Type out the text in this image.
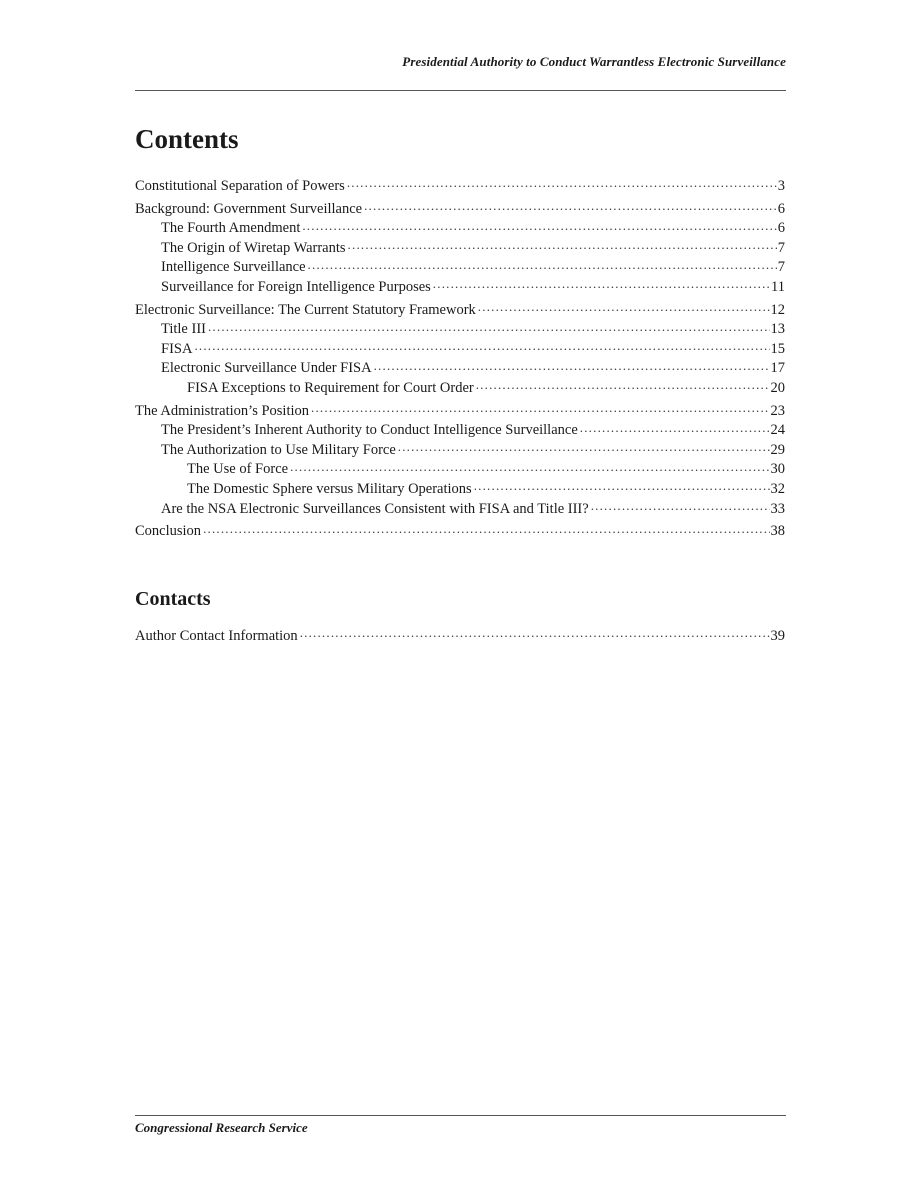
Presidential Authority to Conduct Warrantless Electronic Surveillance
Contents
Constitutional Separation of Powers .....	3
Background: Government Surveillance .....	6
The Fourth Amendment .....	6
The Origin of Wiretap Warrants .....	7
Intelligence Surveillance .....	7
Surveillance for Foreign Intelligence Purposes .....	11
Electronic Surveillance: The Current Statutory Framework .....	12
Title III .....	13
FISA .....	15
Electronic Surveillance Under FISA .....	17
FISA Exceptions to Requirement for Court Order .....	20
The Administration’s Position .....	23
The President’s Inherent Authority to Conduct Intelligence Surveillance .....	24
The Authorization to Use Military Force .....	29
The Use of Force .....	30
The Domestic Sphere versus Military Operations .....	32
Are the NSA Electronic Surveillances Consistent with FISA and Title III? .....	33
Conclusion .....	38
Contacts
Author Contact Information .....	39
Congressional Research Service
